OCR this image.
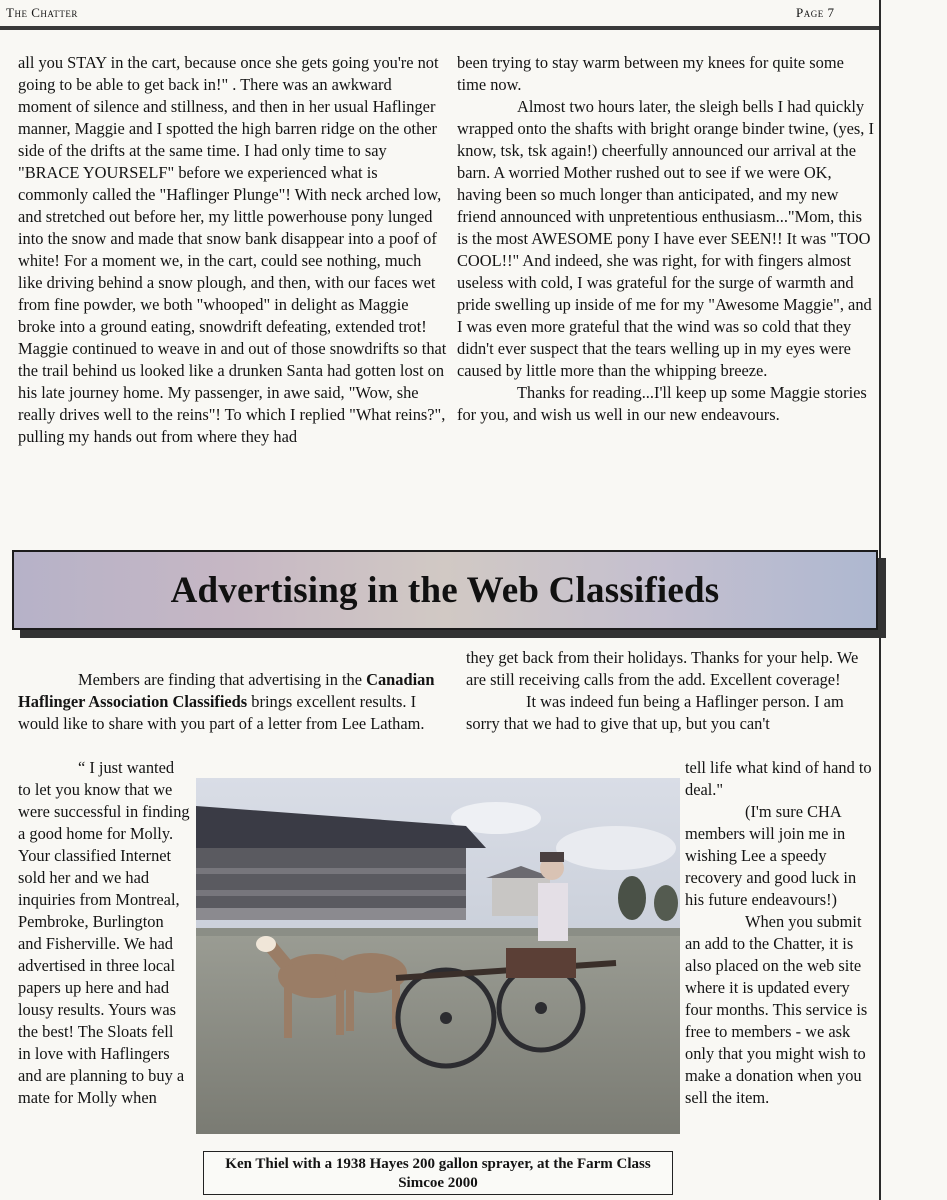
The Chatter	Page 7

all you STAY in the cart, because once she gets going you're not going to be able to get back in!" . There was an awkward moment of silence and stillness, and then in her usual Haflinger manner, Maggie and I spotted the high barren ridge on the other side of the drifts at the same time. I had only time to say "BRACE YOURSELF" before we experienced what is commonly called the "Haflinger Plunge"! With neck arched low, and stretched out before her, my little powerhouse pony lunged into the snow and made that snow bank disappear into a poof of white! For a moment we, in the cart, could see nothing, much like driving behind a snow plough, and then, with our faces wet from fine powder, we both "whooped" in delight as Maggie broke into a ground eating, snowdrift defeating, extended trot! Maggie continued to weave in and out of those snowdrifts so that the trail behind us looked like a drunken Santa had gotten lost on his late journey home. My passenger, in awe said, "Wow, she really drives well to the reins"! To which I replied "What reins?", pulling my hands out from where they had

been trying to stay warm between my knees for quite some time now.

Almost two hours later, the sleigh bells I had quickly wrapped onto the shafts with bright orange binder twine, (yes, I know, tsk, tsk again!) cheerfully announced our arrival at the barn. A worried Mother rushed out to see if we were OK, having been so much longer than anticipated, and my new friend announced with unpretentious enthusiasm..."Mom, this is the most AWESOME pony I have ever SEEN!! It was "TOO COOL!!" And indeed, she was right, for with fingers almost useless with cold, I was grateful for the surge of warmth and pride swelling up inside of me for my "Awesome Maggie", and I was even more grateful that the wind was so cold that they didn't ever suspect that the tears welling up in my eyes were caused by little more than the whipping breeze.

Thanks for reading...I'll keep up some Maggie stories for you, and wish us well in our new endeavours.

Advertising in the Web Classifieds

Members are finding that advertising in the Canadian Haflinger Association Classifieds brings excellent results. I would like to share with you part of a letter from Lee Latham.

“ I just wanted to let you know that we were successful in finding a good home for Molly. Your classified Internet sold her and we had inquiries from Montreal, Pembroke, Burlington and Fisherville. We had advertised in three local papers up here and had lousy results. Yours was the best! The Sloats fell in love with Haflingers and are planning to buy a mate for Molly when

they get back from their holidays. Thanks for your help. We are still receiving calls from the add. Excellent coverage!

It was indeed fun being a Haflinger person. I am sorry that we had to give that up, but you can't

tell life what kind of hand to deal."

(I'm sure CHA members will join me in wishing Lee a speedy recovery and good luck in his future endeavours!)

When you submit an add to the Chatter, it is also placed on the web site where it is updated every four months. This service is free to members - we ask only that you might wish to make a donation when you sell the item.

Ken Thiel with a 1938 Hayes 200 gallon sprayer, at the Farm Class Simcoe 2000
